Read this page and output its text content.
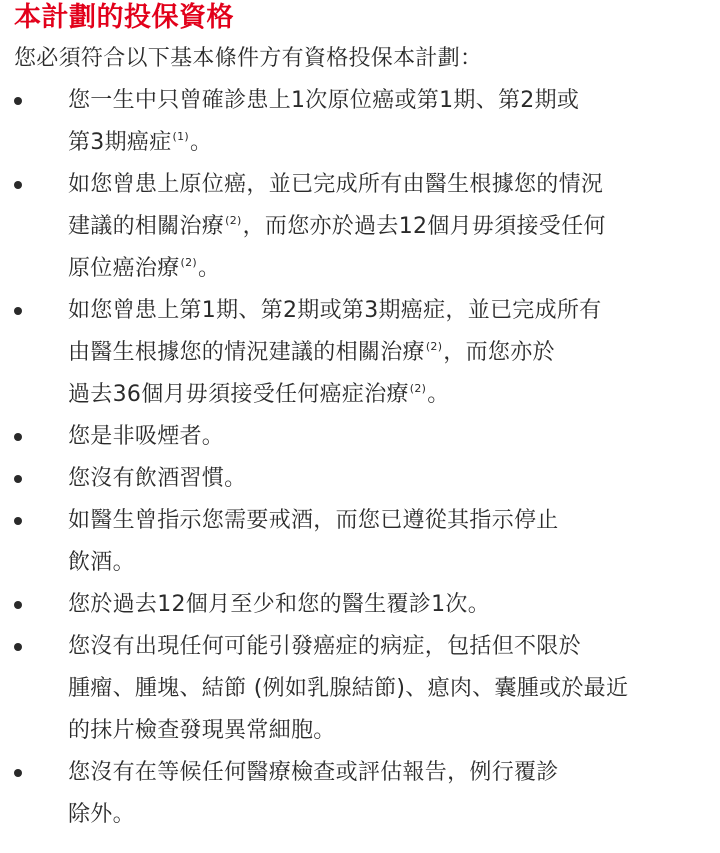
本計劃的投保資格

您必須符合以下基本條件方有資格投保本計劃：

您一生中只曾確診患上1次原位癌或第1期、第2期或
第3期癌症$^{(1)}$。
如您曾患上原位癌，並已完成所有由醫生根據您的情況
建議的相關治療$^{(2)}$，而您亦於過去12個月毋須接受任何
原位癌治療$^{(2)}$。
如您曾患上第1期、第2期或第3期癌症，並已完成所有
由醫生根據您的情況建議的相關治療$^{(2)}$，而您亦於
過去36個月毋須接受任何癌症治療$^{(2)}$。
您是非吸煙者。
您沒有飲酒習慣。
如醫生曾指示您需要戒酒，而您已遵從其指示停止
飲酒。
您於過去12個月至少和您的醫生覆診1次。
您沒有出現任何可能引發癌症的病症，包括但不限於
腫瘤、腫塊、結節 (例如乳腺結節)、瘜肉、囊腫或於最近
的抹片檢查發現異常細胞。
您沒有在等候任何醫療檢查或評估報告，例行覆診
除外。
